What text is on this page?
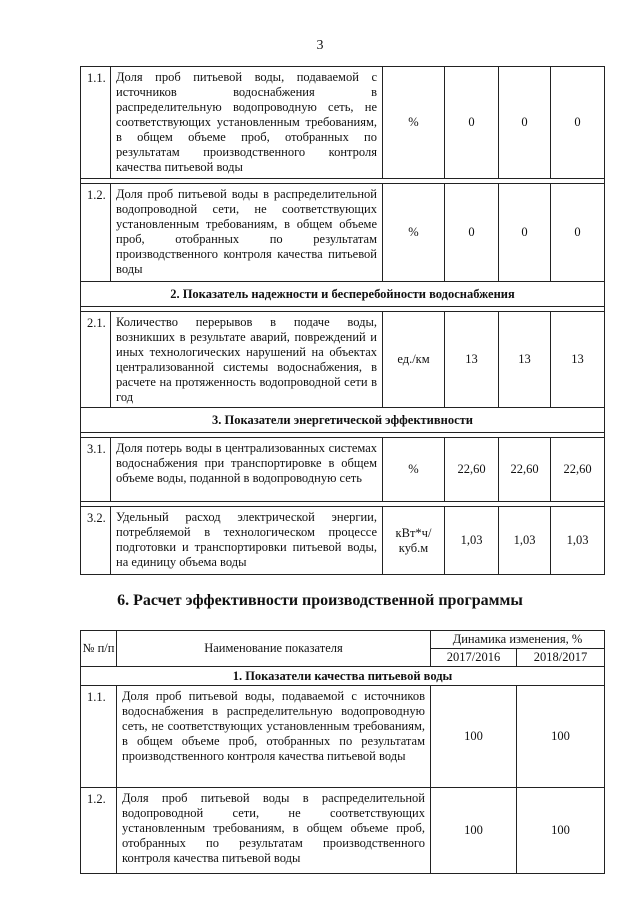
3
1.1.	Доля проб питьевой воды, подаваемой с источников водоснабжения в распределительную водопроводную сеть, не соответствующих установленным требованиям, в общем объеме проб, отобранных по результатам производственного контроля качества питьевой воды	%	0	0	0

1.2.	Доля проб питьевой воды в распределительной водопроводной сети, не соответствующих установленным требованиям, в общем объеме проб, отобранных по результатам производственного контроля качества питьевой воды	%	0	0	0
2. Показатель надежности и бесперебойности водоснабжения					

2.1.	Количество перерывов в подаче воды, возникших в результате аварий, повреждений и иных технологических нарушений на объектах централизованной системы водоснабжения, в расчете на протяженность водопроводной сети в год	ед./км	13	13	13
3. Показатели энергетической эффективности					

3.1.	Доля потерь воды в централизованных системах водоснабжения при транспортировке в общем объеме воды, поданной в водопроводную сеть	%	22,60	22,60	22,60

3.2.	Удельный расход электрической энергии, потребляемой в технологическом процессе подготовки и транспортировки питьевой воды, на единицу объема воды	кВт*ч/ куб.м	1,03	1,03	1,03
6. Расчет эффективности производственной программы
№ п/п	Наименование показателя	Динамика изменения, %	
		2017/2016	2018/2017
1. Показатели качества питьевой воды			
1.1.	Доля проб питьевой воды, подаваемой с источников водоснабжения в распределительную водопроводную сеть, не соответствующих установленным требованиям, в общем объеме проб, отобранных по результатам производственного контроля качества питьевой воды	100	100
1.2.	Доля проб питьевой воды в распределительной водопроводной сети, не соответствующих установленным требованиям, в общем объеме проб, отобранных по результатам производственного контроля качества питьевой воды	100	100
